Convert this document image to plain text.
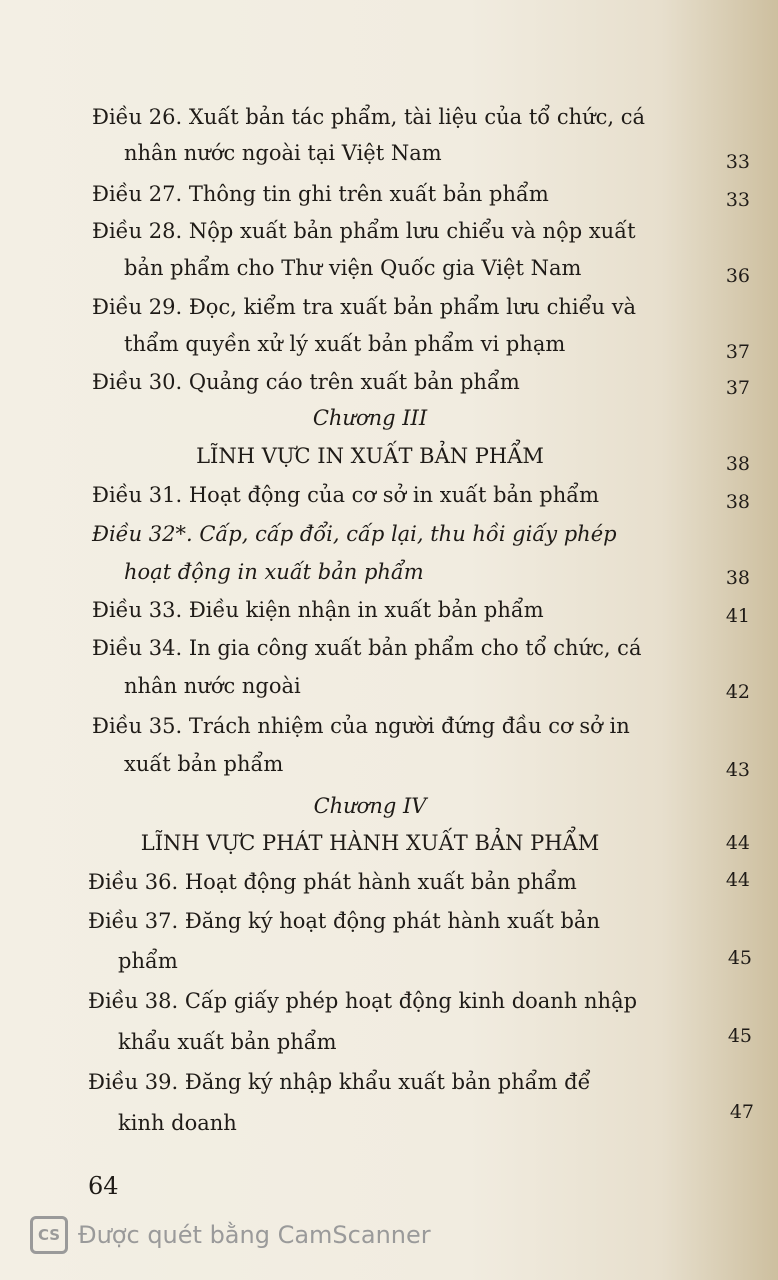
Điều 26. Xuất bản tác phẩm, tài liệu của tổ chức, cá
nhân nước ngoài tại Việt Nam	33
Điều 27. Thông tin ghi trên xuất bản phẩm	33
Điều 28. Nộp xuất bản phẩm lưu chiểu và nộp xuất
bản phẩm cho Thư viện Quốc gia Việt Nam	36
Điều 29. Đọc, kiểm tra xuất bản phẩm lưu chiểu và
thẩm quyền xử lý xuất bản phẩm vi phạm	37
Điều 30. Quảng cáo trên xuất bản phẩm	37
Chương III
LĨNH VỰC IN XUẤT BẢN PHẨM	38
Điều 31. Hoạt động của cơ sở in xuất bản phẩm	38
Điều 32*. Cấp, cấp đổi, cấp lại, thu hồi giấy phép
hoạt động in xuất bản phẩm	38
Điều 33. Điều kiện nhận in xuất bản phẩm	41
Điều 34. In gia công xuất bản phẩm cho tổ chức, cá
nhân nước ngoài	42
Điều 35. Trách nhiệm của người đứng đầu cơ sở in
xuất bản phẩm	43
Chương IV
LĨNH VỰC PHÁT HÀNH XUẤT BẢN PHẨM	44
Điều 36. Hoạt động phát hành xuất bản phẩm	44
Điều 37. Đăng ký hoạt động phát hành xuất bản
phẩm	45
Điều 38. Cấp giấy phép hoạt động kinh doanh nhập
khẩu xuất bản phẩm	45
Điều 39. Đăng ký nhập khẩu xuất bản phẩm để
kinh doanh	47
64
CS Được quét bằng CamScanner
